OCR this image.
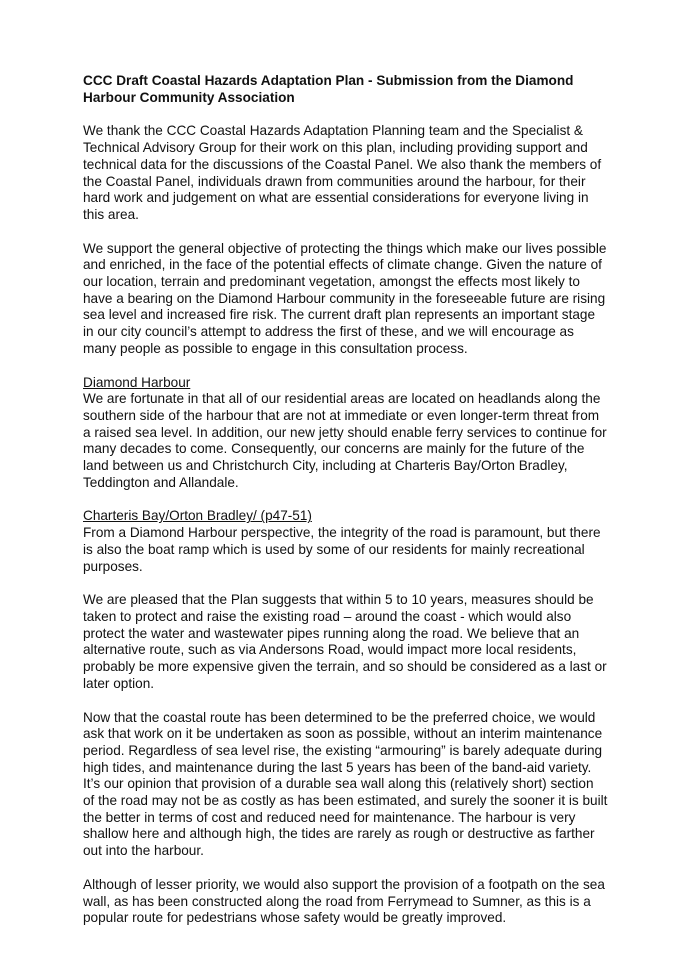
CCC Draft Coastal Hazards Adaptation Plan - Submission from the Diamond Harbour Community Association

We thank the CCC Coastal Hazards Adaptation Planning team and the Specialist & Technical Advisory Group for their work on this plan, including providing support and technical data for the discussions of the Coastal Panel. We also thank the members of the Coastal Panel, individuals drawn from communities around the harbour, for their hard work and judgement on what are essential considerations for everyone living in this area.

We support the general objective of protecting the things which make our lives possible and enriched, in the face of the potential effects of climate change. Given the nature of our location, terrain and predominant vegetation, amongst the effects most likely to have a bearing on the Diamond Harbour community in the foreseeable future are rising sea level and increased fire risk. The current draft plan represents an important stage in our city council’s attempt to address the first of these, and we will encourage as many people as possible to engage in this consultation process.

Diamond Harbour

We are fortunate in that all of our residential areas are located on headlands along the southern side of the harbour that are not at immediate or even longer-term threat from a raised sea level. In addition, our new jetty should enable ferry services to continue for many decades to come. Consequently, our concerns are mainly for the future of the land between us and Christchurch City, including at Charteris Bay/Orton Bradley, Teddington and Allandale.

Charteris Bay/Orton Bradley/ (p47-51)

From a Diamond Harbour perspective, the integrity of the road is paramount, but there is also the boat ramp which is used by some of our residents for mainly recreational purposes.

We are pleased that the Plan suggests that within 5 to 10 years, measures should be taken to protect and raise the existing road – around the coast - which would also protect the water and wastewater pipes running along the road. We believe that an alternative route, such as via Andersons Road, would impact more local residents, probably be more expensive given the terrain, and so should be considered as a last or later option.

Now that the coastal route has been determined to be the preferred choice, we would ask that work on it be undertaken as soon as possible, without an interim maintenance period. Regardless of sea level rise, the existing “armouring” is barely adequate during high tides, and maintenance during the last 5 years has been of the band-aid variety. It’s our opinion that provision of a durable sea wall along this (relatively short) section of the road may not be as costly as has been estimated, and surely the sooner it is built the better in terms of cost and reduced need for maintenance. The harbour is very shallow here and although high, the tides are rarely as rough or destructive as farther out into the harbour.

Although of lesser priority, we would also support the provision of a footpath on the sea wall, as has been constructed along the road from Ferrymead to Sumner, as this is a popular route for pedestrians whose safety would be greatly improved.
